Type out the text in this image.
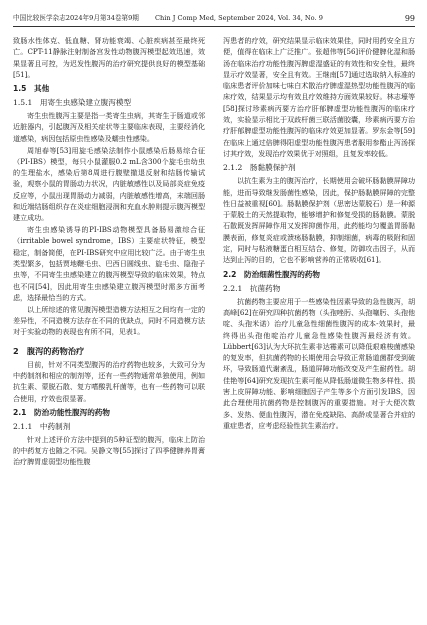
中国比较医学杂志2024年9月第34卷第9期 Chin J Comp Med, September 2024, Vol. 34, No. 9	99

致肠水性体克、低血糖、肾功能衰竭、心脏疾病甚至最终死亡。CPT-11静脉注射制备宫发性动物腹泻模型起效迅速，效果显著且可控，为迟发性腹泻的治疗研究提供良好的模型基础[51]。

1.5　其他
1.5.1　用寄生虫感染建立腹泻模型

寄生虫性腹泻主要是指一类寄生虫病，其寄生于肠道或邻近脏器内，引起腹泻及相关症状等主要临床表现，主要经消化道感染，病因包括原虫性感染及蠕虫性感染。

周旭春等[53]用旋毛感染法制作小鼠感染后肠易综合征（PI-IBS）模型，每只小鼠灌服0.2 mL含300个旋毛虫幼虫的生理盐水，感染后第8周进行腹壁撤退反射和结肠传输试验，观察小鼠的胃肠动力状况，内脏敏感性以及局部炎症免疫反应等，小鼠出现胃肠动力减弱，内脏敏感性增高，末端回肠和近端结肠组织存在炎症细胞浸润和充血水肿则提示腹泻模型建立成功。

寄生虫感染诱导的PI-IBS动物模型具备肠易激综合征（irritable bowel syndrome，IBS）主要症状特征，模型稳定，制备简便，在PI-IBS研究中应用比较广泛。由于寄生虫类型繁多，包括贾地鞭毛虫、巴西日圆线虫、旋毛虫、隐孢子虫等，不同寄生虫感染建立的腹泻模型导致的临床效果，特点也不同[54]，因此用寄生虫感染建立腹泻模型时需多方面考虑，选择最恰当的方式。

以上所综述的常见腹泻模型造模方法相互之间均有一定的差异性，不同造模方法存在不同的优缺点，同时不同造模方法对于实验动物的表现也有所不同，见表1。

2　腹泻的药物治疗

目前，针对不同类型腹泻的治疗药物也较多，大致可分为中药制剂和相应的制剂等，还有一些药物通常单独使用，例如抗生素、蒙脱石散、复方嗜酸乳杆菌等，也有一些药物可以联合使用，疗效也很显著。

2.1　防治功能性腹泻的药物
2.1.1　中药制剂

针对上述评价方法中提到的5种证型的腹泻，临床上防治的中药复方也随之不同。吴静文等[55]探讨了四季健脾养胃膏治疗脾胃虚弱型功能性腹

泻患者的疗效，研究结果显示临床效果佳，同时用药安全且方便，值得在临床上广泛推广。张超伟等[56]评价健脾化湿和肠汤在临床治疗功能性腹泻脾虚湿盛证的有效性和安全性，最终显示疗效显著，安全且有效。王继南[57]通过选取纳入标准的临床患者评价加味七味白术散治疗脾虚湿热型功能性腹泻的临床疗效，结果显示均有效且疗效维持方面效果较好。林志壕等[58]探讨珍素病丙要方治疗肝郁脾虚型功能性腹泻的临床疗效，实验显示相比于双歧杆菌三联活菌胶囊，珍素病丙要方治疗肝郁脾虚型功能性腹泻的临床疗效更加显著。罗东金等[59]在临床上通过倍脾得阳虚型功能性腹泻患者服用参酯止泻汤探讨其疗效，发现治疗效果优于对照组，且复发率较低。

2.1.2　肠黏膜保护剂

以抗生素为主的腹泻治疗，长期使用会破坏肠黏膜屏障功能，进而导致继发肠菌性感染，因此，保护肠黏膜屏障的完整性日益被重视[60]。肠黏膜保护剂（思密达蒙脱石）是一种源于蒙脱土的天然提取物，能够增护和修复受损的肠黏膜。蒙脱石散既发挥屏障作用又发挥抑菌作用，此药能均匀覆盖胃肠黏膜表面，修复炎症或溃疡肠黏膜，抑制细菌，病毒的吸附和固定，同时与粘液糖蛋白相互结合、修复，防御攻击因子，从而达到止泻的目的，它也不影响营养的正常吸收[61]。

2.2　防治细菌性腹泻的药物
2.2.1　抗菌药物

抗菌药物主要应用于一些感染性因素导致的急性腹泻，胡高峰[62]在研究四种抗菌药物（头孢唑肟、头孢噻肟、头孢他啶、头孢米诺）治疗儿童急性细菌性腹泻的成本-效果时，最终得出头孢他啶治疗儿童急性感染性腹泻最经济有效。Lübbert[63]认为大环抗生素非达霉素可以降低艰难梭菌感染的复发率，但抗菌药物的长期使用会导致正常肠道菌群受到破坏，导致肠道代谢紊乱，肠道屏障功能改变及产生耐药性。胡佳艳等[64]研究发现抗生素可能从降低肠道微生物多样性、损害上皮屏障功能、影响细胞因子产生等多个方面引发IBS，因此合理使用抗菌药物是控制腹泻的重要措施。对于大便次数多、发热、便血性腹泻，潜在免疫缺陷、高龄或显著合并症的重症患者，应考虑经验性抗生素治疗。
